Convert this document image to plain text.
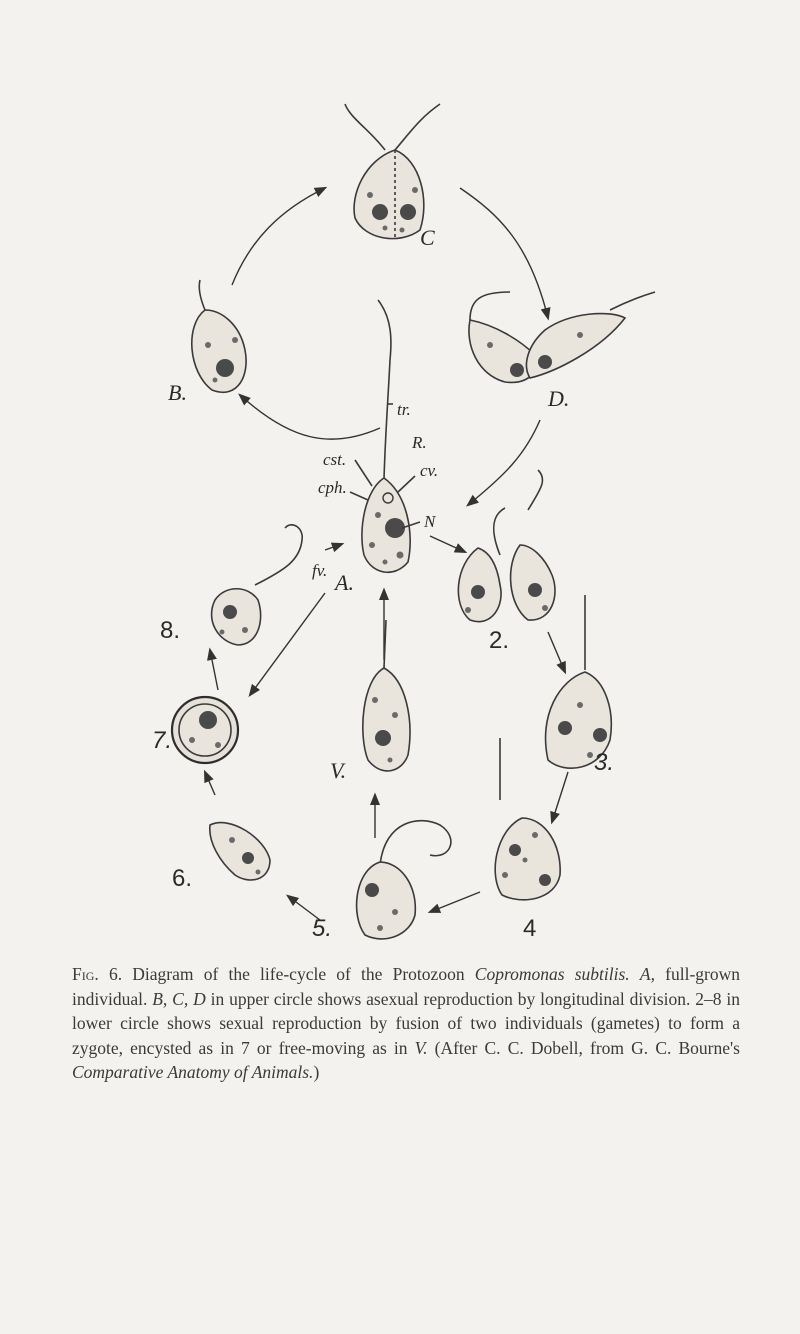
C
B.	D.
A.
V.
tr.
R.
cst.
cv.
cph.
N
fv.
2.
3.
4
5.
6.
7.
8.
Fig. 6. Diagram of the life-cycle of the Protozoon Copromonas subtilis. A, full-grown individual. B, C, D in upper circle shows asexual reproduction by longitudinal division. 2–8 in lower circle shows sexual reproduction by fusion of two individuals (gametes) to form a zygote, encysted as in 7 or free-moving as in V. (After C. C. Dobell, from G. C. Bourne's Comparative Anatomy of Animals.)
